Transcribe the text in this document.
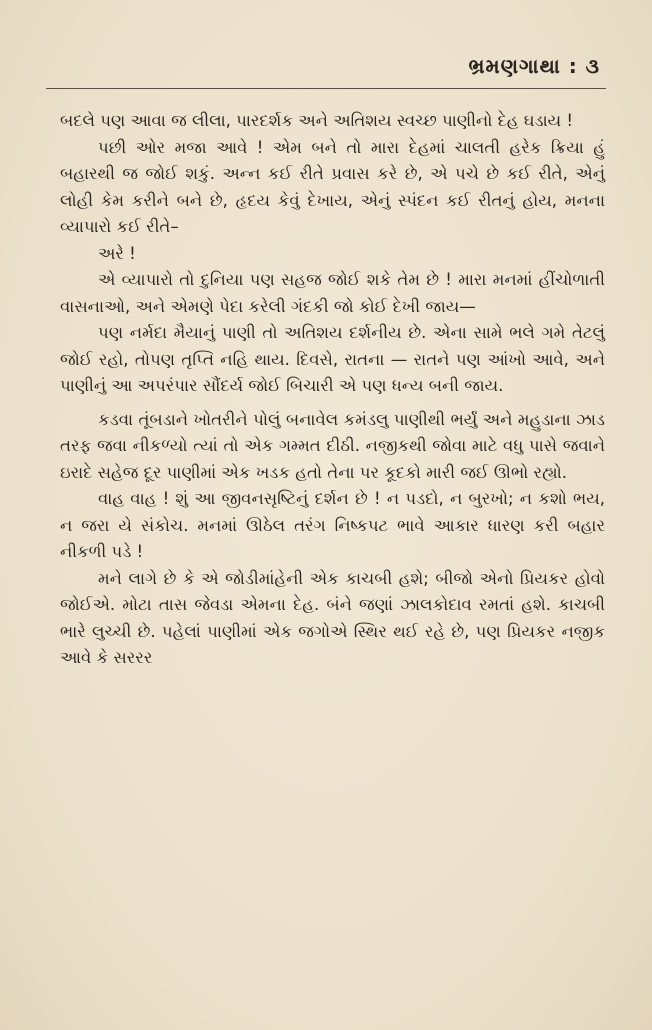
ભ્રમણગાથા : ૩

બદલે પણ આવા જ લીલા, પારદર્શક અને અતિશય સ્વચ્છ પાણીનો દેહ ઘડાય !

પછી ઓર મજા આવે ! એમ બને તો મારા દેહમાં ચાલતી હરેક ક્રિયા હું બહારથી જ જોઈ શકું. અન્ન કઈ રીતે પ્રવાસ કરે છે, એ પચે છે કઈ રીતે, એનું લોહી કેમ કરીને બને છે, હૃદય કેવું દેખાય, એનું સ્પંદન કઈ રીતનું હોય, મનના વ્યાપારો કઈ રીતે–

અરે !

એ વ્યાપારો તો દુનિયા પણ સહજ જોઈ શકે તેમ છે ! મારા મનમાં હીંચોળાતી વાસનાઓ, અને એમણે પેદા કરેલી ગંદકી જો કોઈ દેખી જાય—

પણ નર્મદા મૈયાનું પાણી તો અતિશય દર્શનીય છે. એના સામે ભલે ગમે તેટલું જોઈ રહો, તોપણ તૃપ્તિ નહિ થાય. દિવસે, રાતના — રાતને પણ આંખો આવે, અને પાણીનું આ અપરંપાર સૌંદર્ય જોઈ બિચારી એ પણ ધન્ય બની જાય.

કડવા તૂંબડાને ખોતરીને પોલું બનાવેલ કમંડલુ પાણીથી ભર્યું અને મહુડાના ઝાડ તરફ જવા નીકળ્યો ત્યાં તો એક ગમ્મત દીઠી. નજીકથી જોવા માટે વધુ પાસે જવાને ઇરાદે સહેજ દૂર પાણીમાં એક ખડક હતો તેના પર કૂદકો મારી જઈ ઊભો રહ્યો.

વાહ વાહ ! શું આ જીવનસૃષ્ટિનું દર્શન છે ! ન પડદો, ન બુરખો; ન કશો ભય, ન જરા યે સંકોચ. મનમાં ઊઠેલ તરંગ નિષ્કપટ ભાવે આકાર ધારણ કરી બહાર નીકળી પડે !

મને લાગે છે કે એ જોડીમાંહેની એક કાચબી હશે; બીજો એનો પ્રિયકર હોવો જોઈએ. મોટા તાસ જેવડા એમના દેહ. બંને જણાં ઝાલકોદાવ રમતાં હશે. કાચબી ભારે લુચ્ચી છે. પહેલાં પાણીમાં એક જગોએ સ્થિર થઈ રહે છે, પણ પ્રિયકર નજીક આવે કે સરરર
